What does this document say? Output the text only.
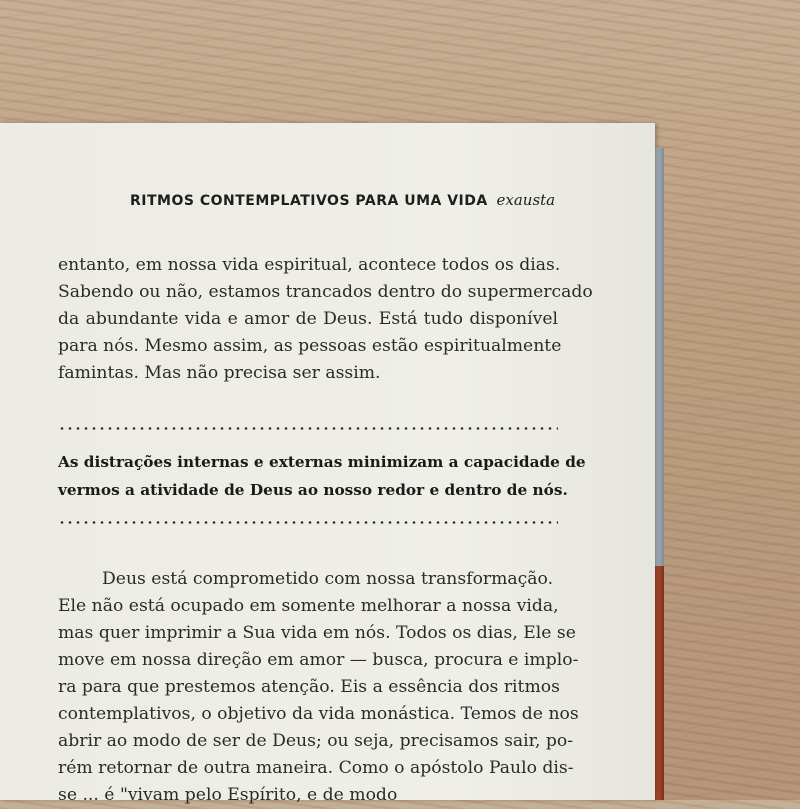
RITMOS CONTEMPLATIVOS PARA UMA VIDA exausta
entanto, em nossa vida espiritual, acontece todos os dias.
Sabendo ou não, estamos trancados dentro do supermercado
da abundante vida e amor de Deus. Está tudo disponível
para nós. Mesmo assim, as pessoas estão espiritualmente
famintas. Mas não precisa ser assim.
As distrações internas e externas minimizam a capacidade de
vermos a atividade de Deus ao nosso redor e dentro de nós.
Deus está comprometido com nossa transformação.
Ele não está ocupado em somente melhorar a nossa vida,
mas quer imprimir a Sua vida em nós. Todos os dias, Ele se
move em nossa direção em amor — busca, procura e implo-
ra para que prestemos atenção. Eis a essência dos ritmos
contemplativos, o objetivo da vida monástica. Temos de nos
abrir ao modo de ser de Deus; ou seja, precisamos sair, po-
rém retornar de outra maneira. Como o apóstolo Paulo dis-
se ... é "vivam pelo Espírito, e de modo
